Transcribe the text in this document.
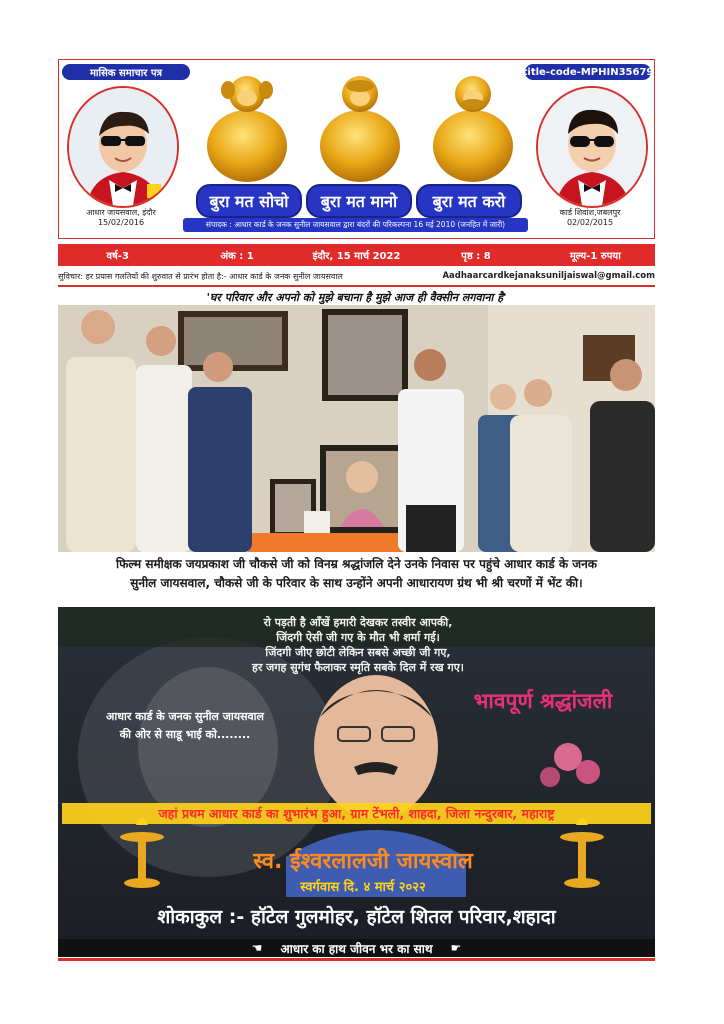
मासिक समाचार पत्र	title-code-MPHIN35679
आधार जायसवाल, इंदौर
15/02/2016
कार्ड शिवांश,जबलपुर
02/02/2015
बुरा मत सोचो	बुरा मत मानो	बुरा मत करो
संपादक : आधार कार्ड के जनक सुनील जायसवाल द्वारा बंदरों की परिकल्पना 16 मई 2010 (जनहित में जारी)
वर्ष-3	अंक : 1	इंदौर, 15 मार्च 2022	पृष्ठ : 8	मूल्य-1 रुपया
सुविचार: हर प्रयास गलतियों की शुरुवात से प्रारंभ होता है:- आधार कार्ड के जनक सुनील जायसवाल	Aadhaarcardkejanaksuniljaiswal@gmail.com
'घर परिवार और अपनो को मुझे बचाना है मुझे आज ही वैक्सीन लगवाना है'
फिल्म समीक्षक जयप्रकाश जी चौकसे जी को विनम्र श्रद्धांजलि देने उनके निवास पर पहुंचे आधार कार्ड के जनक
सुनील जायसवाल, चौकसे जी के परिवार के साथ उन्होंने अपनी आधारायण ग्रंथ भी श्री चरणों में भेंट की।
रो पड़ती है आँखें हमारी देखकर तस्वीर आपकी,
जिंदगी ऐसी जी गए के मौत भी शर्मा गई।
जिंदगी जीए छोटी लेकिन सबसे अच्छी जी गए,
हर जगह सुगंध फैलाकर स्मृति सबके दिल में रख गए।
आधार कार्ड के जनक सुनील जायसवाल
की ओर से साडू भाई को........
भावपूर्ण श्रद्धांजली
जहां प्रथम आधार कार्ड का शुभारंभ हुआ, ग्राम टेंभली, शाहदा, जिला नन्दुरबार, महाराष्ट्र
स्व. ईश्वरलालजी जायस्वाल
स्वर्गवास दि. ४ मार्च २०२२
शोकाकुल :- हॉटेल गुलमोहर, हॉटेल शितल परिवार,शहादा
☚ आधार का हाथ जीवन भर का साथ ☛
